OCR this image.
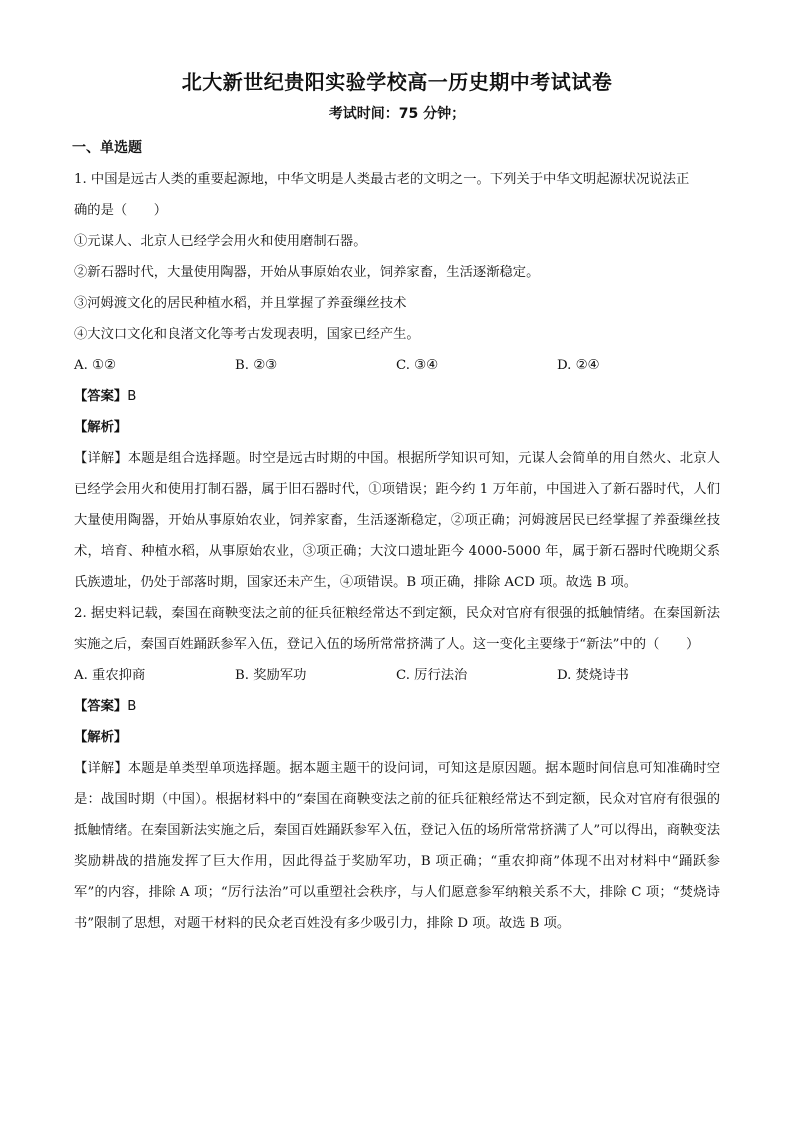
北大新世纪贵阳实验学校高一历史期中考试试卷
考试时间：75 分钟；
一、单选题

1. 中国是远古人类的重要起源地，中华文明是人类最古老的文明之一。下列关于中华文明起源状况说法正

确的是（　　）

①元谋人、北京人已经学会用火和使用磨制石器。

②新石器时代，大量使用陶器，开始从事原始农业，饲养家畜，生活逐渐稳定。

③河姆渡文化的居民种植水稻，并且掌握了养蚕缫丝技术

④大汶口文化和良渚文化等考古发现表明，国家已经产生。

A. ①②	B. ②③	C. ③④	D. ②④

【答案】B

【解析】

【详解】本题是组合选择题。时空是远古时期的中国。根据所学知识可知，元谋人会简单的用自然火、北京人已经学会用火和使用打制石器，属于旧石器时代，①项错误；距今约 1 万年前，中国进入了新石器时代，人们大量使用陶器，开始从事原始农业，饲养家畜，生活逐渐稳定，②项正确；河姆渡居民已经掌握了养蚕缫丝技术，培育、种植水稻，从事原始农业，③项正确；大汶口遗址距今 4000-5000 年，属于新石器时代晚期父系氏族遗址，仍处于部落时期，国家还未产生，④项错误。B 项正确，排除 ACD 项。故选 B 项。

2. 据史料记载，秦国在商鞅变法之前的征兵征粮经常达不到定额，民众对官府有很强的抵触情绪。在秦国新法实施之后，秦国百姓踊跃参军入伍，登记入伍的场所常常挤满了人。这一变化主要缘于“新法”中的（　　）

A. 重农抑商	B. 奖励军功	C. 厉行法治	D. 焚烧诗书

【答案】B

【解析】

【详解】本题是单类型单项选择题。据本题主题干的设问词，可知这是原因题。据本题时间信息可知准确时空是：战国时期（中国）。根据材料中的“秦国在商鞅变法之前的征兵征粮经常达不到定额，民众对官府有很强的抵触情绪。在秦国新法实施之后，秦国百姓踊跃参军入伍，登记入伍的场所常常挤满了人”可以得出，商鞅变法奖励耕战的措施发挥了巨大作用，因此得益于奖励军功，B 项正确；“重农抑商”体现不出对材料中“踊跃参军”的内容，排除 A 项；“厉行法治”可以重塑社会秩序，与人们愿意参军纳粮关系不大，排除 C 项；“焚烧诗书”限制了思想，对题干材料的民众老百姓没有多少吸引力，排除 D 项。故选 B 项。
